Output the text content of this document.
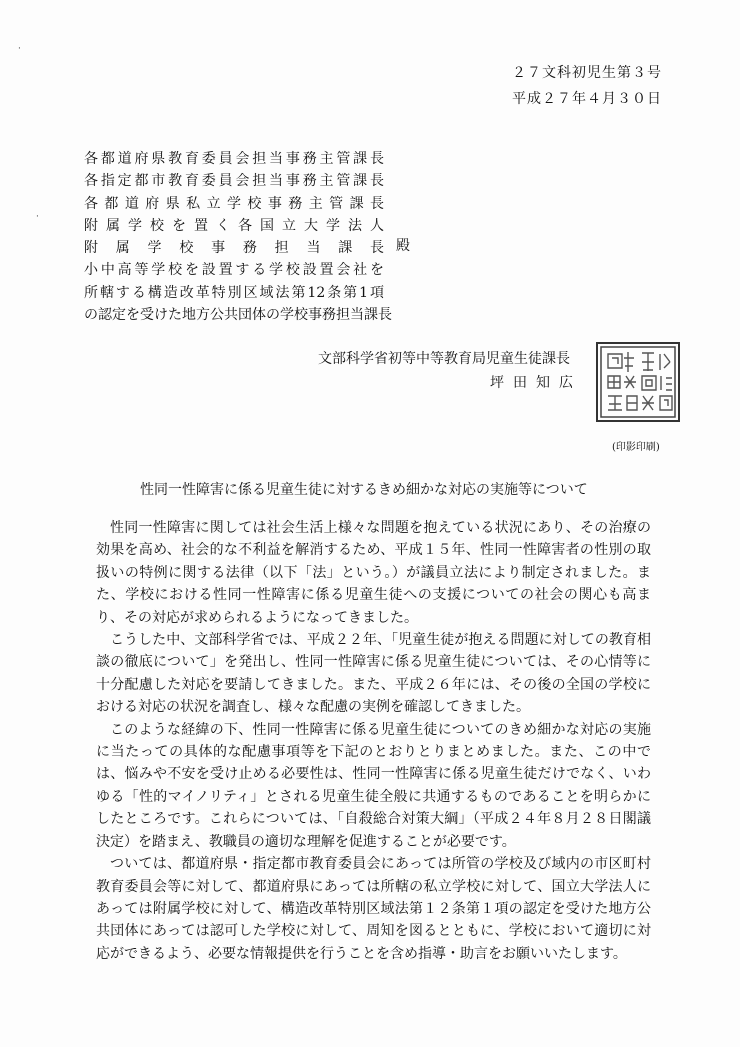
·
·
２７文科初児生第３号
平成２７年４月３０日
各都道府県教育委員会担当事務主管課長
各指定都市教育委員会担当事務主管課長
各都道府県私立学校事務主管課長
附属学校を置く各国立大学法人
附属学校事務担当課長
小中高等学校を設置する学校設置会社を
所轄する構造改革特別区域法第12条第1項
の認定を受けた地方公共団体の学校事務担当課長
殿
文部科学省初等中等教育局児童生徒課長
坪田知広
(印影印刷)
性同一性障害に係る児童生徒に対するきめ細かな対応の実施等について

性同一性障害に関しては社会生活上様々な問題を抱えている状況にあり、その治療の効果を高め、社会的な不利益を解消するため、平成１５年、性同一性障害者の性別の取扱いの特例に関する法律（以下「法」という。）が議員立法により制定されました。また、学校における性同一性障害に係る児童生徒への支援についての社会の関心も高まり、その対応が求められるようになってきました。

こうした中、文部科学省では、平成２２年、「児童生徒が抱える問題に対しての教育相談の徹底について」を発出し、性同一性障害に係る児童生徒については、その心情等に十分配慮した対応を要請してきました。また、平成２６年には、その後の全国の学校における対応の状況を調査し、様々な配慮の実例を確認してきました。

このような経緯の下、性同一性障害に係る児童生徒についてのきめ細かな対応の実施に当たっての具体的な配慮事項等を下記のとおりとりまとめました。また、この中では、悩みや不安を受け止める必要性は、性同一性障害に係る児童生徒だけでなく、いわゆる「性的マイノリティ」とされる児童生徒全般に共通するものであることを明らかにしたところです。これらについては、「自殺総合対策大綱」（平成２４年８月２８日閣議決定）を踏まえ、教職員の適切な理解を促進することが必要です。

ついては、都道府県・指定都市教育委員会にあっては所管の学校及び域内の市区町村教育委員会等に対して、都道府県にあっては所轄の私立学校に対して、国立大学法人にあっては附属学校に対して、構造改革特別区域法第１２条第１項の認定を受けた地方公共団体にあっては認可した学校に対して、周知を図るとともに、学校において適切に対応ができるよう、必要な情報提供を行うことを含め指導・助言をお願いいたします。
